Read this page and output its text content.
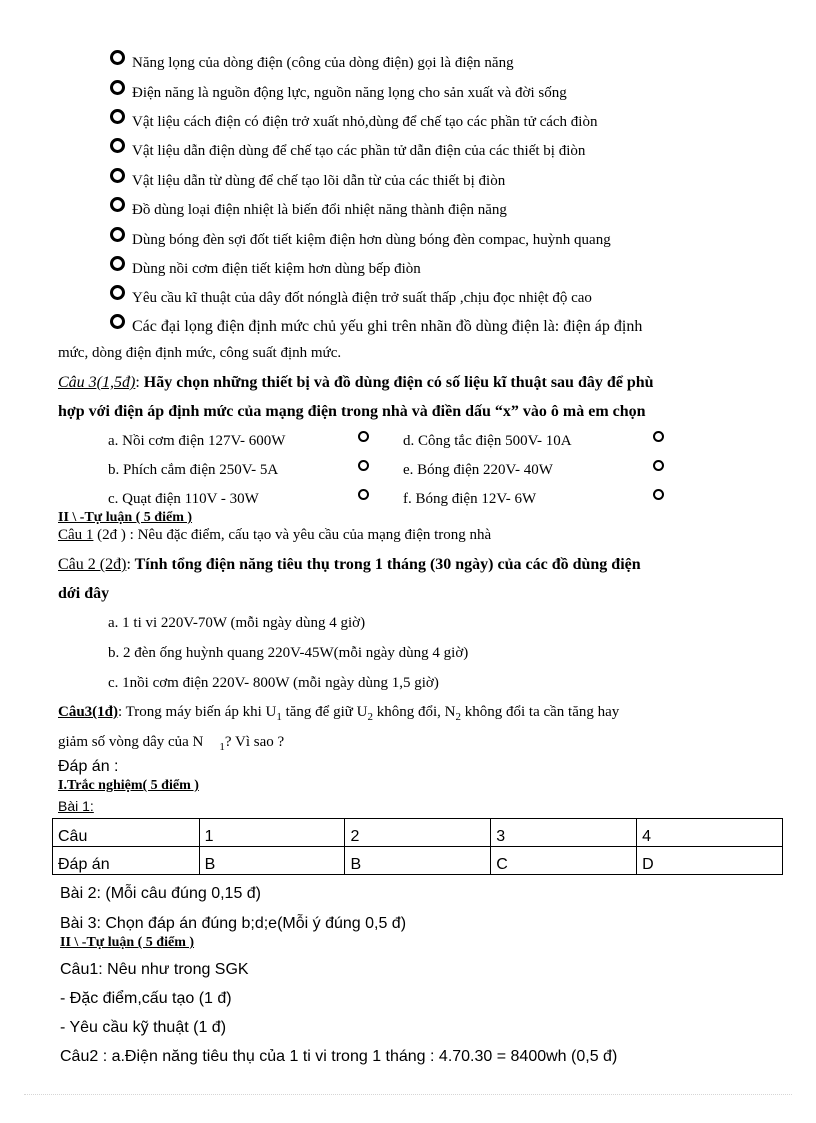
Năng lọng của dòng điện (công của dòng điện) gọi là điện năng
Điện năng là nguồn động lực, nguồn năng lọng cho sản xuất và đời sống
Vật liệu cách điện có điện trở xuất nhỏ,dùng để chế tạo các phần tử cách điòn
Vật liệu dẫn điện dùng để chế tạo các phần tử dẫn điện của các thiết bị điòn
Vật liệu dẫn từ dùng để chế tạo lõi dẫn từ của các thiết bị điòn
Đồ dùng loại điện nhiệt là biến đổi nhiệt năng thành điện năng
Dùng bóng đèn sợi đốt tiết kiệm điện hơn dùng bóng đèn compac, huỳnh quang
Dùng nồi cơm điện tiết kiệm hơn dùng bếp điòn
Yêu cầu kĩ thuật của dây đốt nónglà điện trở suất thấp ,chịu đọc nhiệt độ cao
Các đại lọng điện định mức chủ yếu ghi trên nhãn đồ dùng điện là: điện áp định
mức, dòng điện định mức, công suất định mức.
Câu 3(1,5đ): Hãy chọn những thiết bị và đồ dùng điện có số liệu kĩ thuật sau đây để phù
hợp với điện áp định mức của mạng điện trong nhà và điền dấu “x” vào ô mà em chọn
a. Nồi cơm điện 127V- 600W
b. Phích cắm điện 250V- 5A
c. Quạt điện 110V - 30W
d. Công tắc điện 500V- 10A
e. Bóng điện 220V- 40W
f. Bóng điện 12V- 6W
II \ -Tự luận ( 5 điểm )
Câu 1 (2đ ) : Nêu đặc điểm, cấu tạo và yêu cầu của mạng điện trong nhà
Câu 2 (2đ): Tính tổng điện năng tiêu thụ trong 1 tháng (30 ngày) của các đồ dùng điện
dới đây
a. 1 ti vi 220V-70W (mỗi ngày dùng 4 giờ)
b. 2 đèn ống huỳnh quang 220V-45W(mỗi ngày dùng 4 giờ)
c. 1nồi cơm điện 220V- 800W (mỗi ngày dùng 1,5 giờ)
Câu3(1đ): Trong máy biến áp khi $U_1$ tăng để giữ $U_2$ không đổi, $N_2$ không đổi ta cần tăng hay
giảm số vòng dây của N $_1$? Vì sao ?
Đáp án :
I.Trắc nghiệm( 5 điểm )
Bài 1:
Câu	1	2	3	4
Đáp án	B	B	C	D
Bài 2: (Mỗi câu đúng 0,15 đ)
Bài 3: Chọn đáp án đúng b;d;e(Mỗi ý đúng 0,5 đ)
II \ -Tự luận ( 5 điểm )
Câu1: Nêu như trong SGK
- Đặc điểm,cấu tạo (1 đ)
- Yêu cầu kỹ thuật (1 đ)
Câu2 : a.Điện năng tiêu thụ của 1 ti vi trong 1 tháng : 4.70.30 = 8400wh (0,5 đ)
